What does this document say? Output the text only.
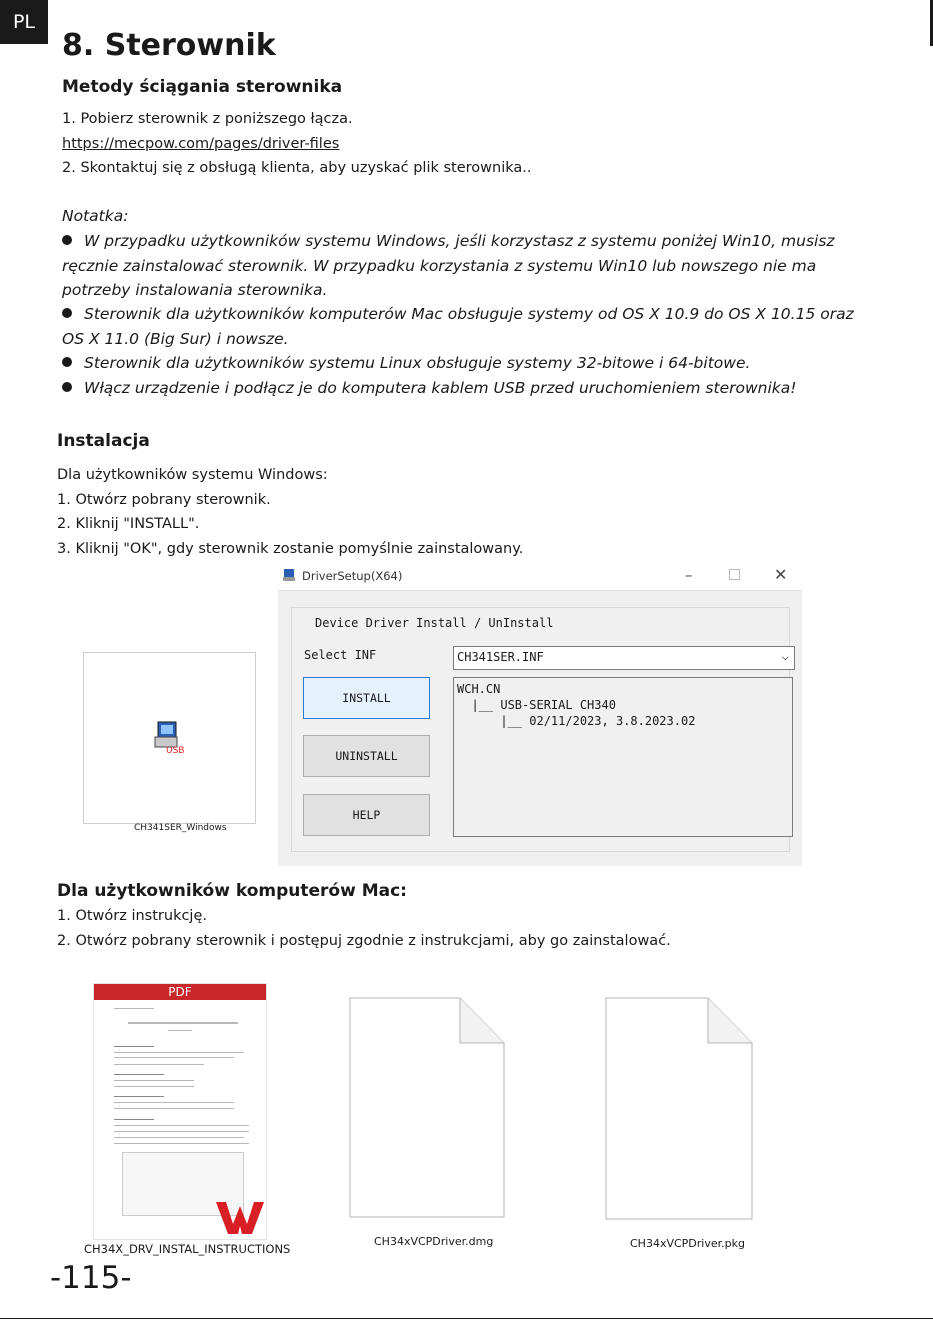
PL
8. Sterownik
Metody ściągania sterownika
1. Pobierz sterownik z poniższego łącza.
https://mecpow.com/pages/driver-files
2. Skontaktuj się z obsługą klienta, aby uzyskać plik sterownika..
Notatka:
W przypadku użytkowników systemu Windows, jeśli korzystasz z systemu poniżej Win10, musisz
ręcznie zainstalować sterownik. W przypadku korzystania z systemu Win10 lub nowszego nie ma
potrzeby instalowania sterownika.
Sterownik dla użytkowników komputerów Mac obsługuje systemy od OS X 10.9 do OS X 10.15 oraz
OS X 11.0 (Big Sur) i nowsze.
Sterownik dla użytkowników systemu Linux obsługuje systemy 32-bitowe i 64-bitowe.
Włącz urządzenie i podłącz je do komputera kablem USB przed uruchomieniem sterownika!
Instalacja
Dla użytkowników systemu Windows:
1. Otwórz pobrany sterownik.
2. Kliknij "INSTALL".
3. Kliknij "OK", gdy sterownik zostanie pomyślnie zainstalowany.
USB
CH341SER_Windows
DriverSetup(X64)	–	✕
Device Driver Install / UnInstall
Select INF	CH341SER.INF	⌵
INSTALL
UNINSTALL
HELP
WCH.CN
|__ USB-SERIAL CH340
|__ 02/11/2023, 3.8.2023.02
Dla użytkowników komputerów Mac:
1. Otwórz instrukcję.
2. Otwórz pobrany sterownik i postępuj zgodnie z instrukcjami, aby go zainstalować.
PDF
CH34X_DRV_INSTAL_INSTRUCTIONS
CH34xVCPDriver.dmg	CH34xVCPDriver.pkg
-115-
